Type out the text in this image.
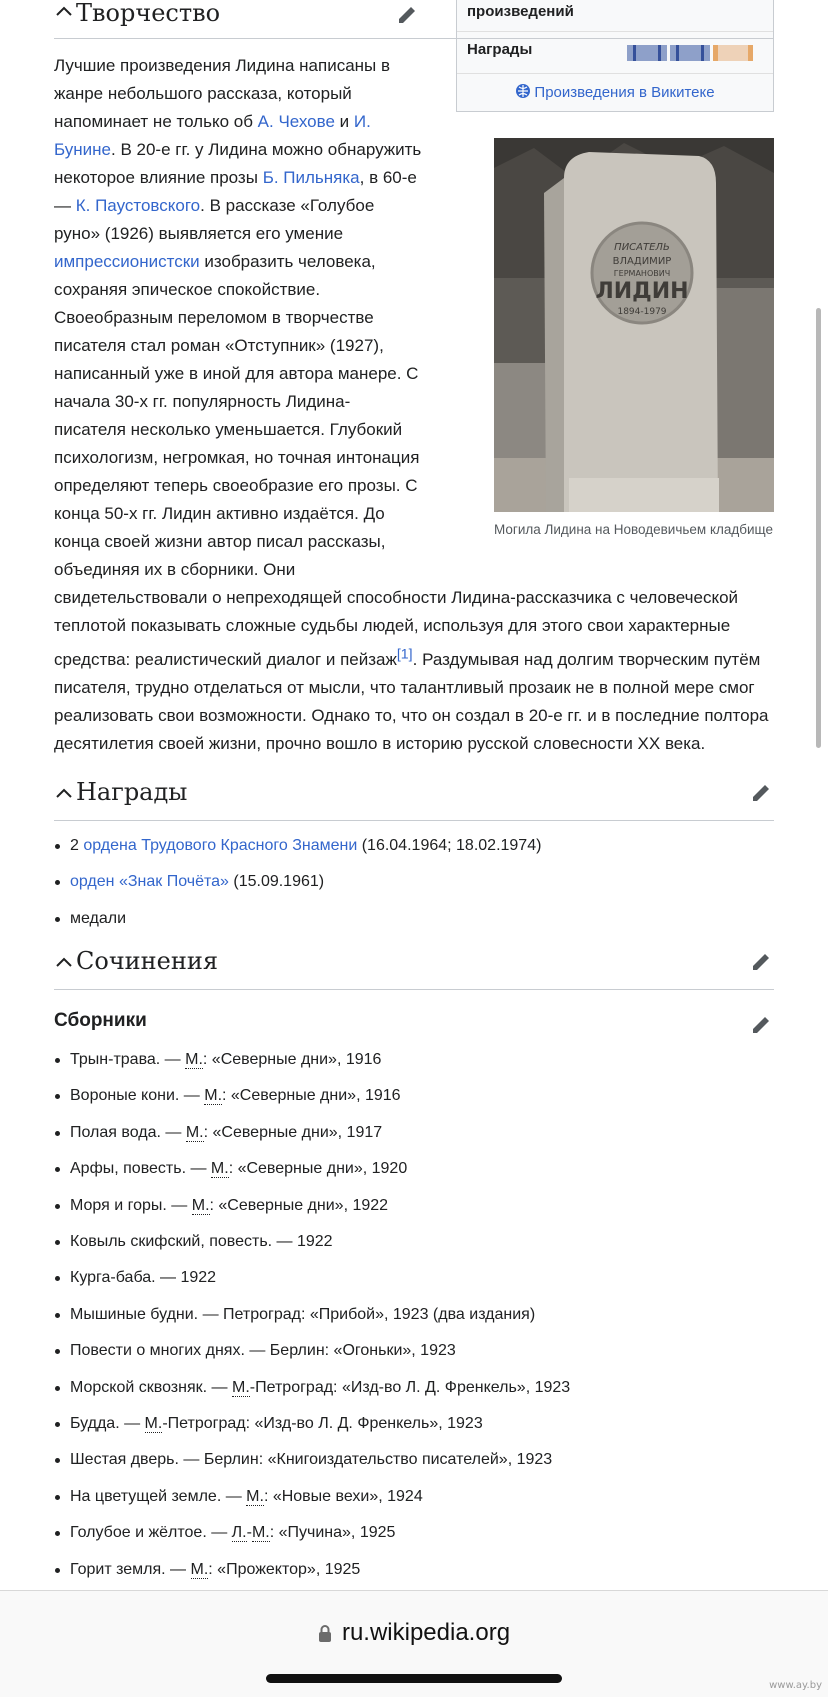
произведений
Награды
Произведения в Викитеке
Творчество
ПИСАТЕЛЬ
ВЛАДИМИР
ГЕРМАНОВИЧ
ЛИДИН
1894-1979
Могила Лидина на Новодевичьем кладбище
Лучшие произведения Лидина написаны в жанре небольшого рассказа, который напоминает не только об А. Чехове и И. Бунине. В 20-е гг. у Лидина можно обнаружить некоторое влияние прозы Б. Пильняка, в 60-е — К. Паустовского. В рассказе «Голубое руно» (1926) выявляется его умение импрессионистски изобразить человека, сохраняя эпическое спокойствие. Своеобразным переломом в творчестве писателя стал роман «Отступник» (1927), написанный уже в иной для автора манере. С начала 30-х гг. популярность Лидина-писателя несколько уменьшается. Глубокий психологизм, негромкая, но точная интонация определяют теперь своеобразие его прозы. С конца 50-х гг. Лидин активно издаётся. До конца своей жизни автор писал рассказы, объединяя их в сборники. Они свидетельствовали о непреходящей способности Лидина-рассказчика с человеческой теплотой показывать сложные судьбы людей, используя для этого свои характерные средства: реалистический диалог и пейзаж[1]. Раздумывая над долгим творческим путём писателя, трудно отделаться от мысли, что талантливый прозаик не в полной мере смог реализовать свои возможности. Однако то, что он создал в 20-е гг. и в последние полтора десятилетия своей жизни, прочно вошло в историю русской словесности XX века.
Награды
2 ордена Трудового Красного Знамени (16.04.1964; 18.02.1974)
орден «Знак Почёта» (15.09.1961)
медали
Сочинения
Сборники
Трын-трава. — М.: «Северные дни», 1916
Вороные кони. — М.: «Северные дни», 1916
Полая вода. — М.: «Северные дни», 1917
Арфы, повесть. — М.: «Северные дни», 1920
Моря и горы. — М.: «Северные дни», 1922
Ковыль скифский, повесть. — 1922
Курга-баба. — 1922
Мышиные будни. — Петроград: «Прибой», 1923 (два издания)
Повести о многих днях. — Берлин: «Огоньки», 1923
Морской сквозняк. — М.-Петроград: «Изд-во Л. Д. Френкель», 1923
Будда. — М.-Петроград: «Изд-во Л. Д. Френкель», 1923
Шестая дверь. — Берлин: «Книгоиздательство писателей», 1923
На цветущей земле. — М.: «Новые вехи», 1924
Голубое и жёлтое. — Л.-М.: «Пучина», 1925
Горит земля. — М.: «Прожектор», 1925
ru.wikipedia.org
www.ay.by
